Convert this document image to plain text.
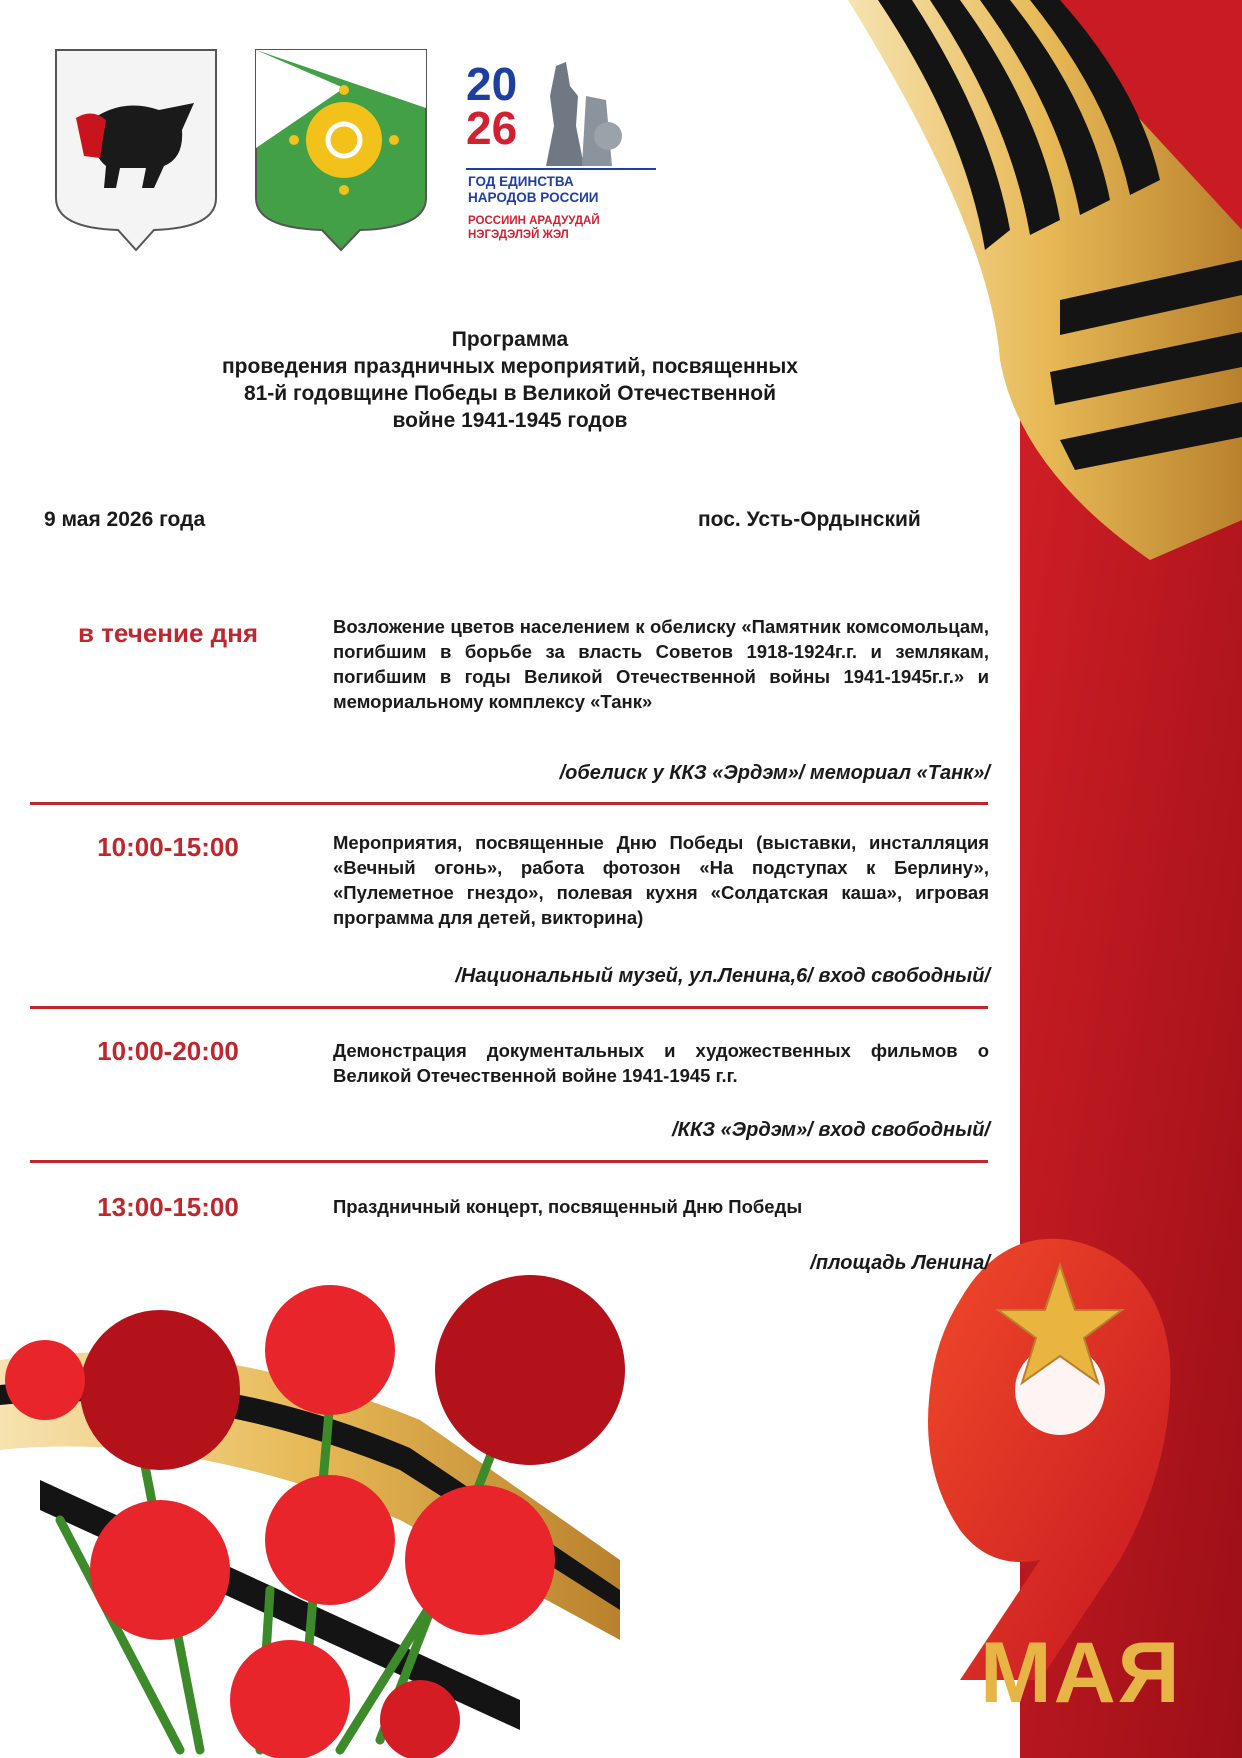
20
26
ГОД ЕДИНСТВА
НАРОДОВ РОССИИ
РОССИИН АРАДУУДАЙ
НЭГЭДЭЛЭЙ ЖЭЛ
Программа
проведения праздничных мероприятий, посвященных
81-й годовщине Победы в Великой Отечественной
войне 1941-1945 годов
9 мая 2026 года	пос. Усть-Ордынский
в течение дня	Возложение цветов населением к обелиску «Памятник комсомольцам, погибшим в борьбе за власть Советов 1918-1924г.г. и землякам, погибшим в годы Великой Отечественной войны 1941-1945г.г.» и мемориальному комплексу «Танк»
/обелиск у ККЗ «Эрдэм»/ мемориал «Танк»/
10:00-15:00	Мероприятия, посвященные Дню Победы (выставки, инсталляция «Вечный огонь», работа фотозон «На подступах к Берлину», «Пулеметное гнездо», полевая кухня «Солдатская каша», игровая программа для детей, викторина)
/Национальный музей, ул.Ленина,6/ вход свободный/
10:00-20:00	Демонстрация документальных и художественных фильмов о Великой Отечественной войне 1941-1945 г.г.
/ККЗ «Эрдэм»/ вход свободный/
13:00-15:00	Праздничный концерт, посвященный Дню Победы
/площадь Ленина/
МАЯ
